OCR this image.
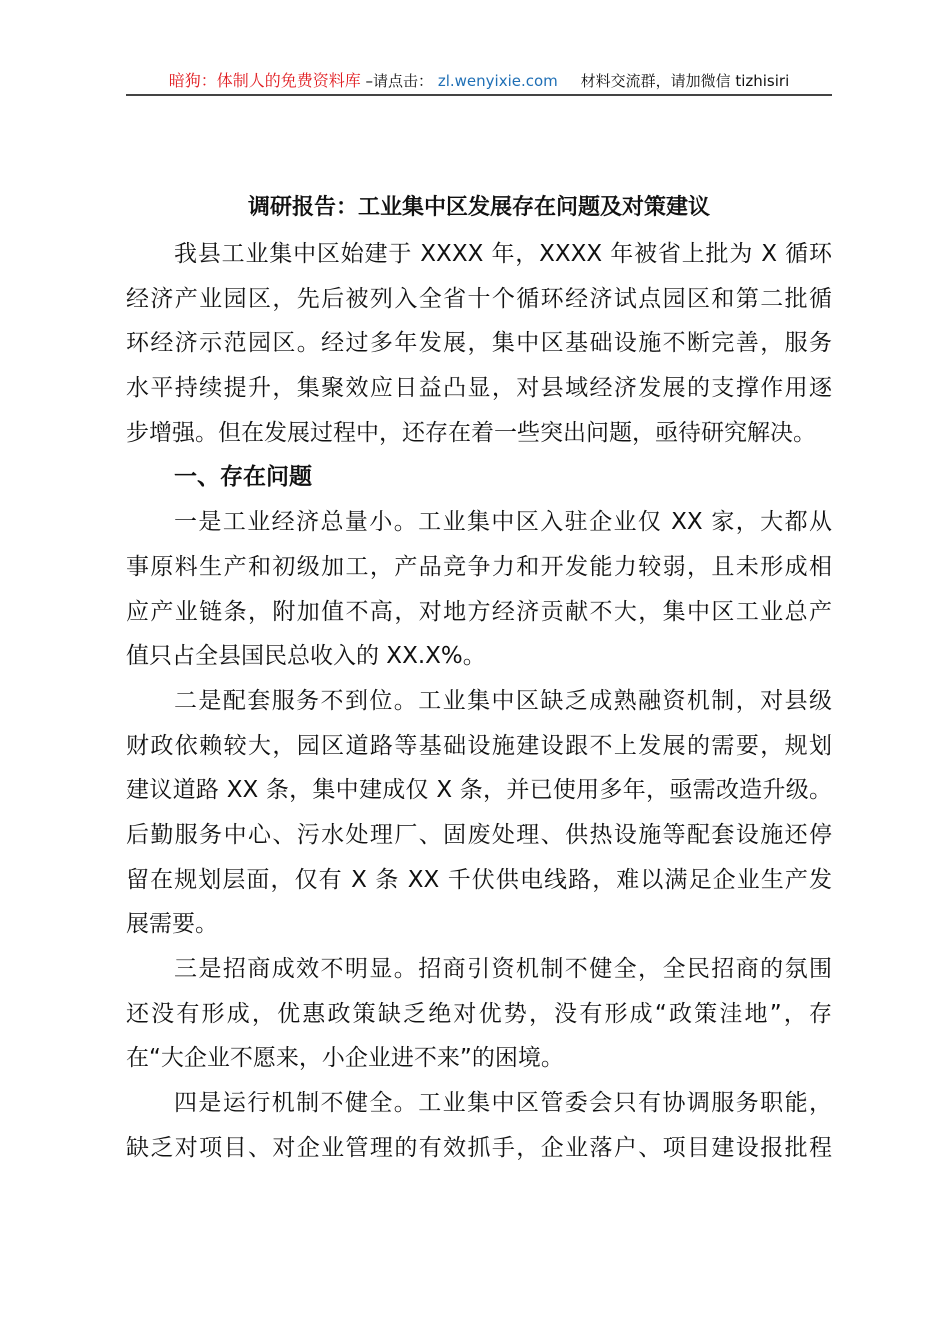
暗狗：体制人的免费资料库 –请点击： zl.wenyixie.com 材料交流群，请加微信 tizhisiri
调研报告：工业集中区发展存在问题及对策建议
我县工业集中区始建于 XXXX 年，XXXX 年被省上批为 X 循环
经济产业园区，先后被列入全省十个循环经济试点园区和第二批循
环经济示范园区。经过多年发展，集中区基础设施不断完善，服务
水平持续提升，集聚效应日益凸显，对县域经济发展的支撑作用逐
步增强。但在发展过程中，还存在着一些突出问题，亟待研究解决。
一、存在问题
一是工业经济总量小。工业集中区入驻企业仅 XX 家，大都从
事原料生产和初级加工，产品竞争力和开发能力较弱，且未形成相
应产业链条，附加值不高，对地方经济贡献不大，集中区工业总产
值只占全县国民总收入的 XX.X%。
二是配套服务不到位。工业集中区缺乏成熟融资机制，对县级
财政依赖较大，园区道路等基础设施建设跟不上发展的需要，规划
建议道路 XX 条，集中建成仅 X 条，并已使用多年，亟需改造升级。
后勤服务中心、污水处理厂、固废处理、供热设施等配套设施还停
留在规划层面，仅有 X 条 XX 千伏供电线路，难以满足企业生产发
展需要。
三是招商成效不明显。招商引资机制不健全，全民招商的氛围
还没有形成，优惠政策缺乏绝对优势，没有形成“政策洼地”，存
在“大企业不愿来，小企业进不来”的困境。
四是运行机制不健全。工业集中区管委会只有协调服务职能，
缺乏对项目、对企业管理的有效抓手，企业落户、项目建设报批程
